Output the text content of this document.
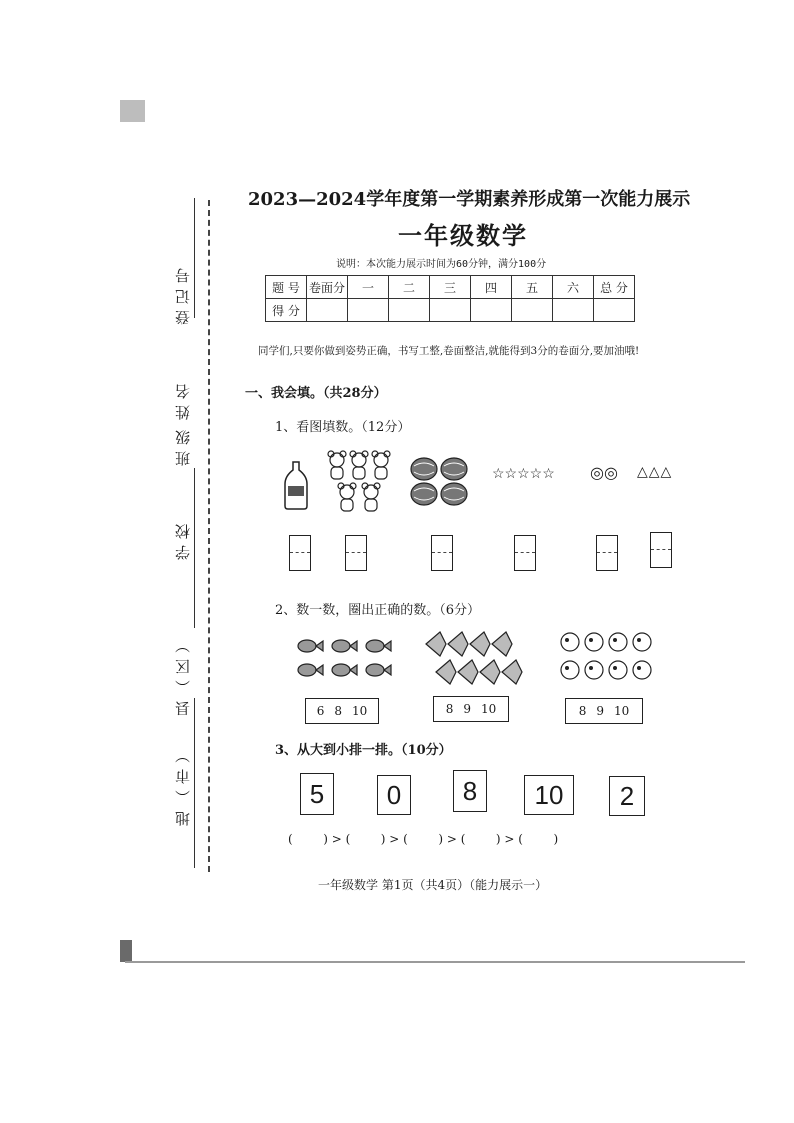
登记号
姓名
班级
学校
县（区）
地（市）
2023—2024学年度第一学期素养形成第一次能力展示
一年级数学
说明：本次能力展示时间为60分钟，满分100分
题 号	卷面分	一	二	三	四	五	六	总 分
得 分								
同学们,只要你做到姿势正确，书写工整,卷面整洁,就能得到3分的卷面分,要加油哦!
一、我会填。（共28分）
1、看图填数。（12分）
☆☆☆☆☆ ◎◎ △△△
2、数一数，圈出正确的数。（6分）
6 8 10	8 9 10	8 9 10
3、从大到小排一排。（10分）
5	0	8	10	2
(        ) > (        ) > (        ) > (        ) > (        )
一年级数学 第1页（共4页）（能力展示一）
